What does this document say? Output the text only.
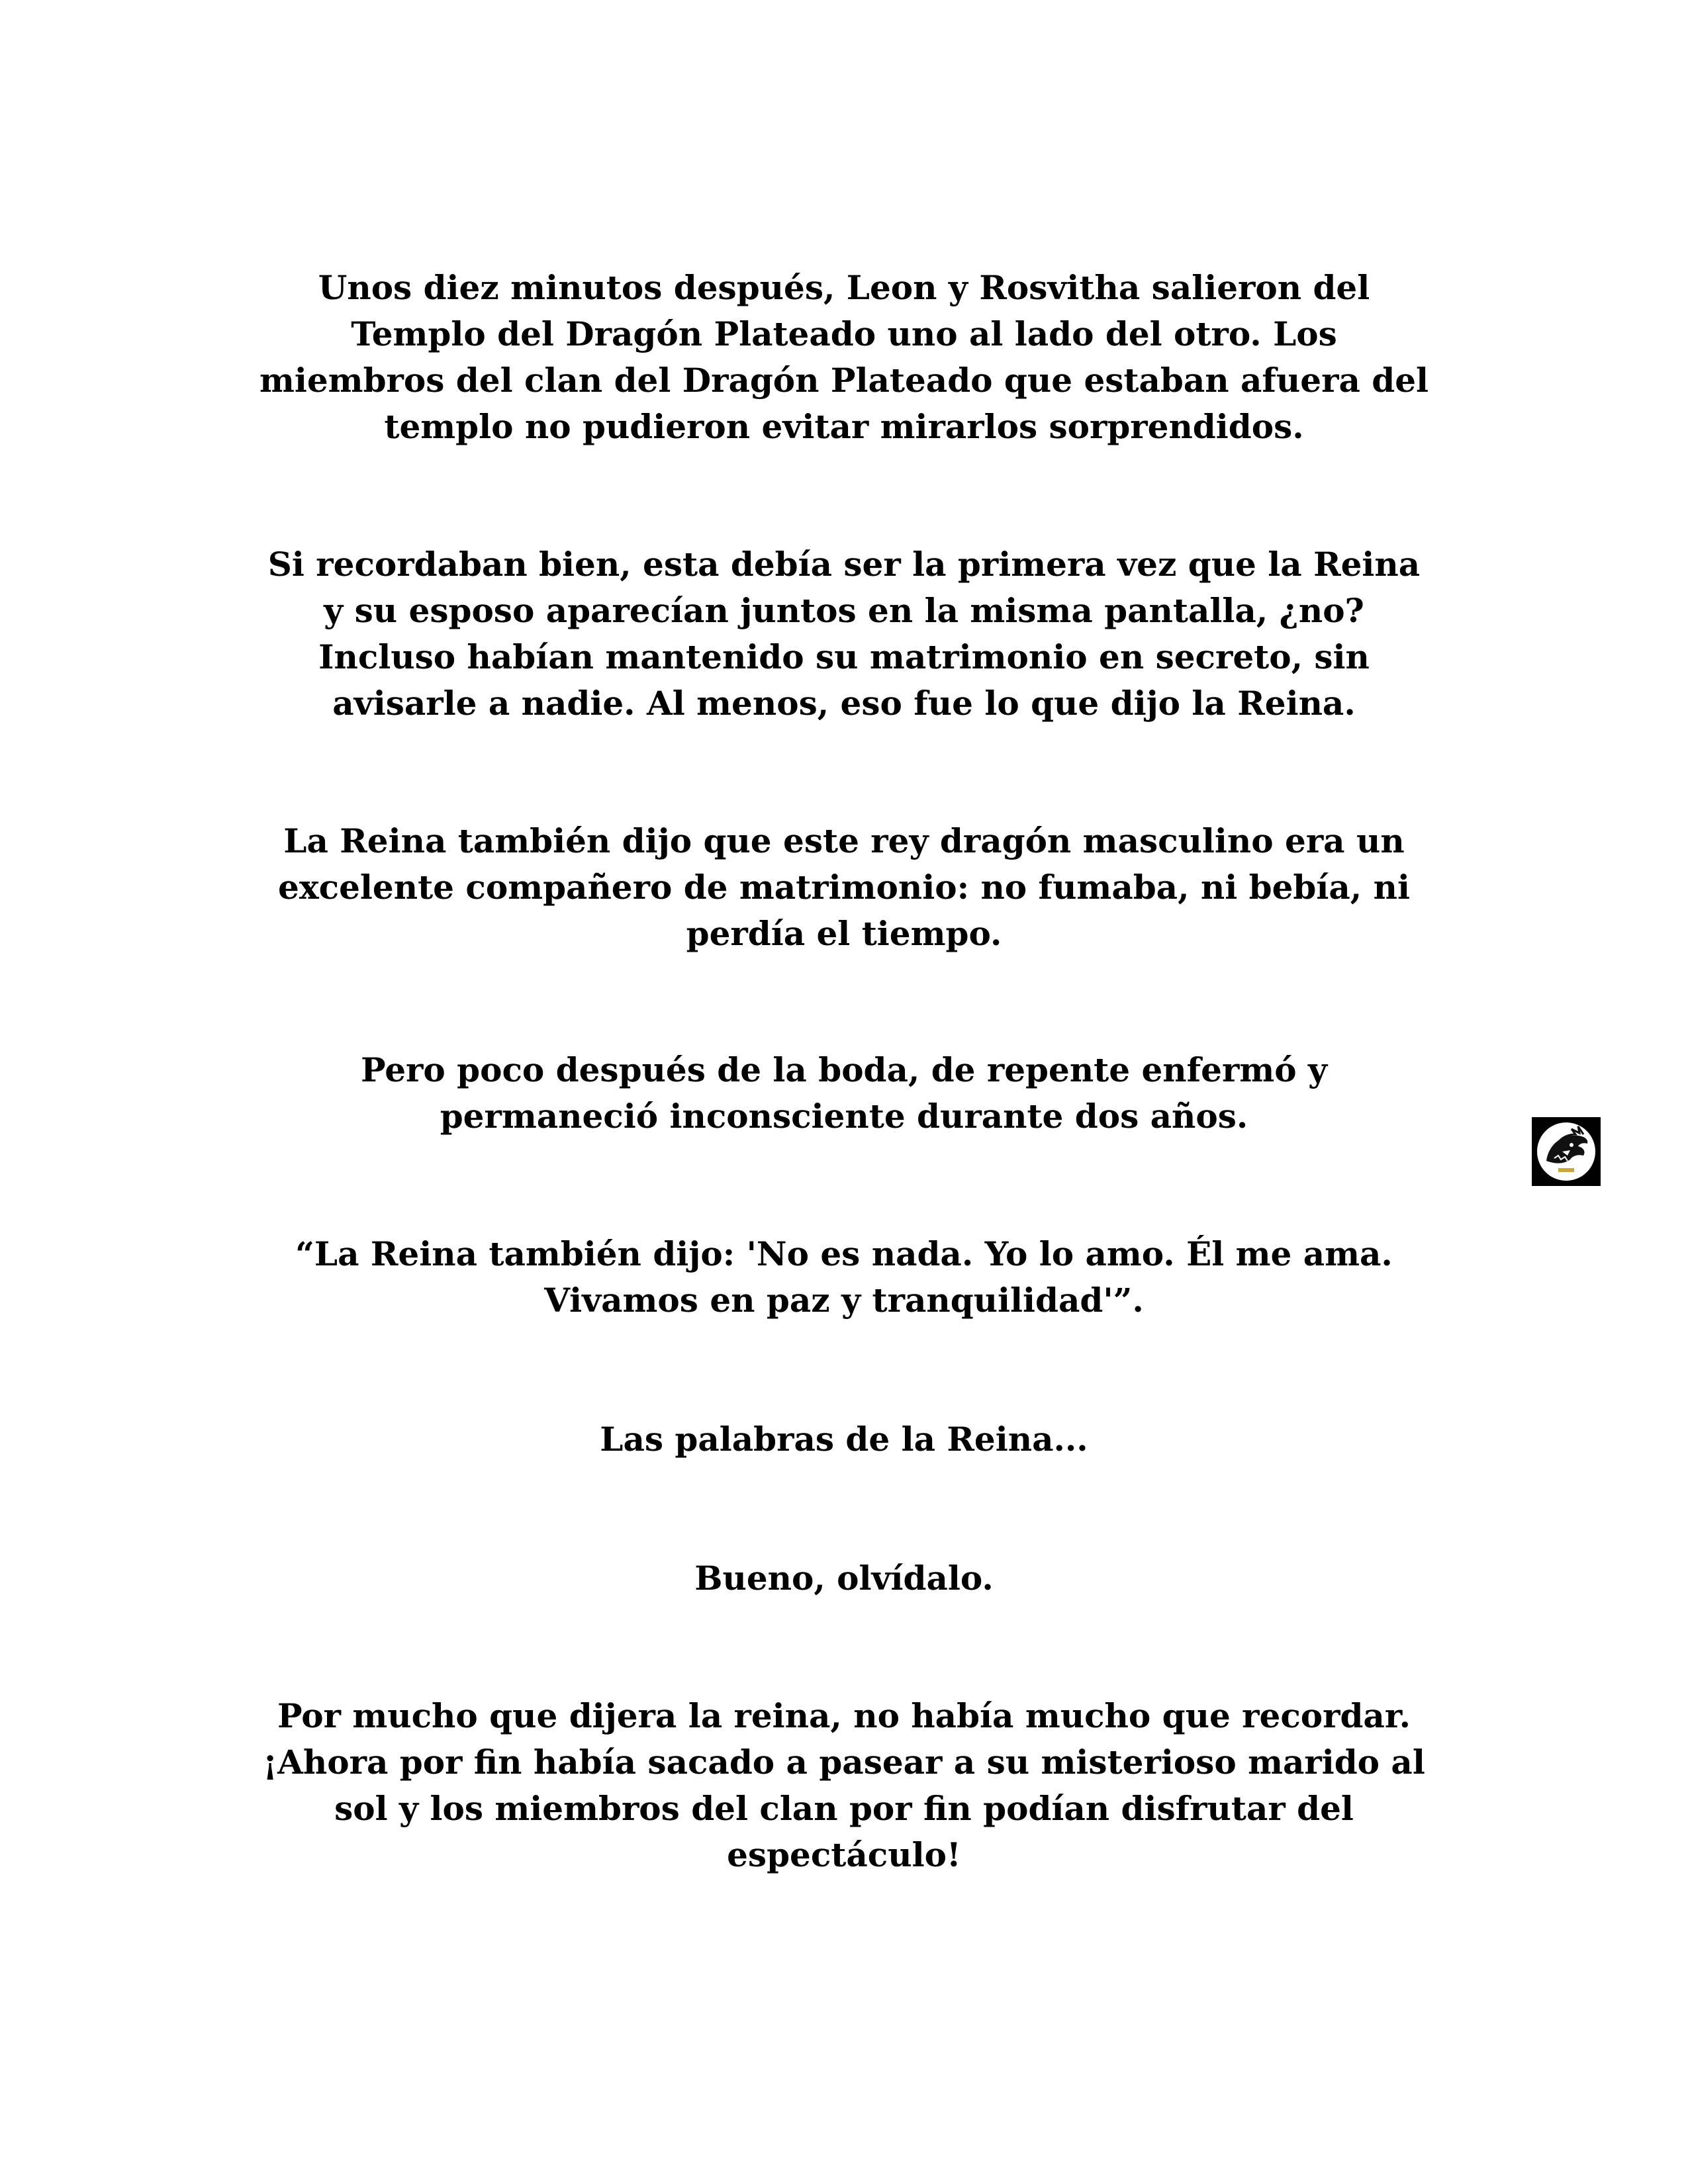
Unos diez minutos después, Leon y Rosvitha salieron del
Templo del Dragón Plateado uno al lado del otro. Los
miembros del clan del Dragón Plateado que estaban afuera del
templo no pudieron evitar mirarlos sorprendidos.
Si recordaban bien, esta debía ser la primera vez que la Reina
y su esposo aparecían juntos en la misma pantalla, ¿no?
Incluso habían mantenido su matrimonio en secreto, sin
avisarle a nadie. Al menos, eso fue lo que dijo la Reina.
La Reina también dijo que este rey dragón masculino era un
excelente compañero de matrimonio: no fumaba, ni bebía, ni
perdía el tiempo.
Pero poco después de la boda, de repente enfermó y
permaneció inconsciente durante dos años.
“La Reina también dijo: 'No es nada. Yo lo amo. Él me ama.
Vivamos en paz y tranquilidad'”.
Las palabras de la Reina...
Bueno, olvídalo.
Por mucho que dijera la reina, no había mucho que recordar.
¡Ahora por fin había sacado a pasear a su misterioso marido al
sol y los miembros del clan por fin podían disfrutar del
espectáculo!
